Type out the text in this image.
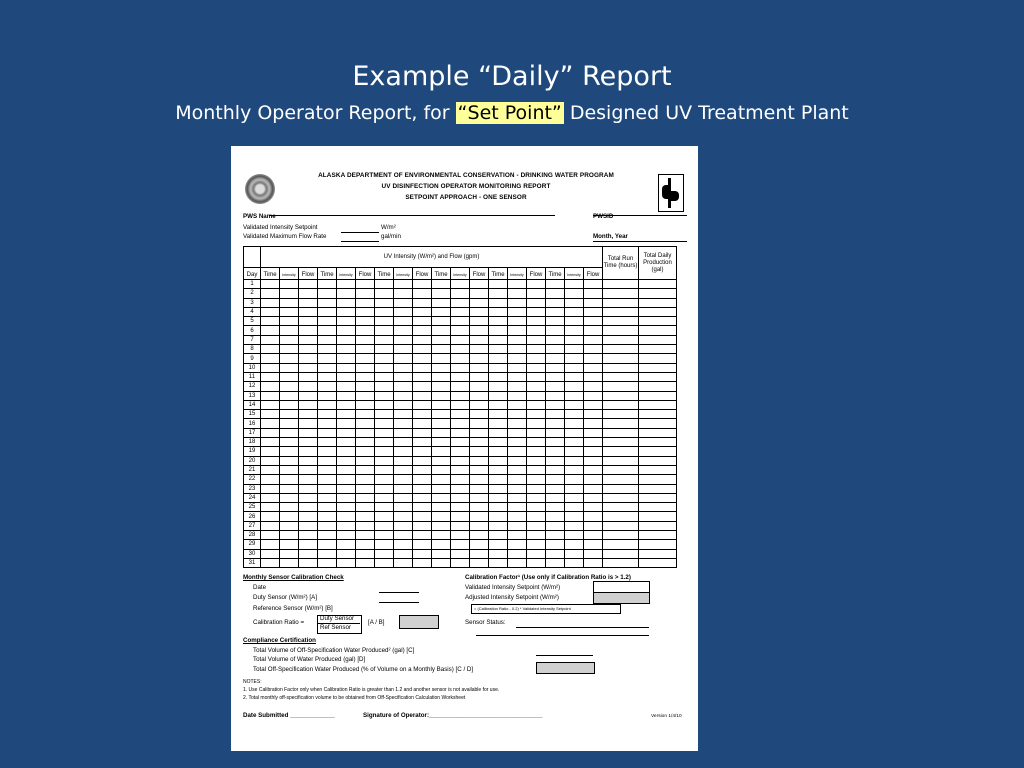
Example “Daily” Report
Monthly Operator Report, for “Set Point” Designed UV Treatment Plant
ALASKA DEPARTMENT OF ENVIRONMENTAL CONSERVATION - DRINKING WATER PROGRAM
UV DISINFECTION OPERATOR MONITORING REPORT
SETPOINT APPROACH - ONE SENSOR
PWS Name	PWSID
Validated Intensity Setpoint	W/m²
Validated Maximum Flow Rate	gal/min	Month, Year
	UV Intensity (W/m²) and Flow (gpm)																		Total Run Time (hours)	Total Daily Production (gal)
Day	Time	Intensity	Flow	Time	Intensity	Flow	Time	Intensity	Flow	Time	Intensity	Flow	Time	Intensity	Flow	Time	Intensity	Flow		
1																				
2																				
3																				
4																				
5																				
6																				
7																				
8																				
9																				
10																				
11																				
12																				
13																				
14																				
15																				
16																				
17																				
18																				
19																				
20																				
21																				
22																				
23																				
24																				
25																				
26																				
27																				
28																				
29																				
30																				
31																				
Monthly Sensor Calibration Check
Date
Duty Sensor (W/m²) [A]
Reference Sensor (W/m²) [B]
Calibration Ratio =
Duty Sensor
Ref Sensor
[A / B]
Calibration Factor¹ (Use only if Calibration Ratio is > 1.2)
Validated Intensity Setpoint (W/m²)
Adjusted Intensity Setpoint (W/m²)
= (Calibration Ratio - 0.2) * Validated Intensity Setpoint
Sensor Status:
Compliance Certification
Total Volume of Off-Specification Water Produced² (gal) [C]
Total Volume of Water Produced (gal) [D]
Total Off-Specification Water Produced (% of Volume on a Monthly Basis) [C / D]
NOTES:
1. Use Calibration Factor only when Calibration Ratio is greater than 1.2 and another sensor is not available for use.
2. Total monthly off-specification volume to be obtained from Off-Specification Calculation Worksheet
Date Submitted _____________	Signature of Operator:_________________________________	Version 1/4/10
